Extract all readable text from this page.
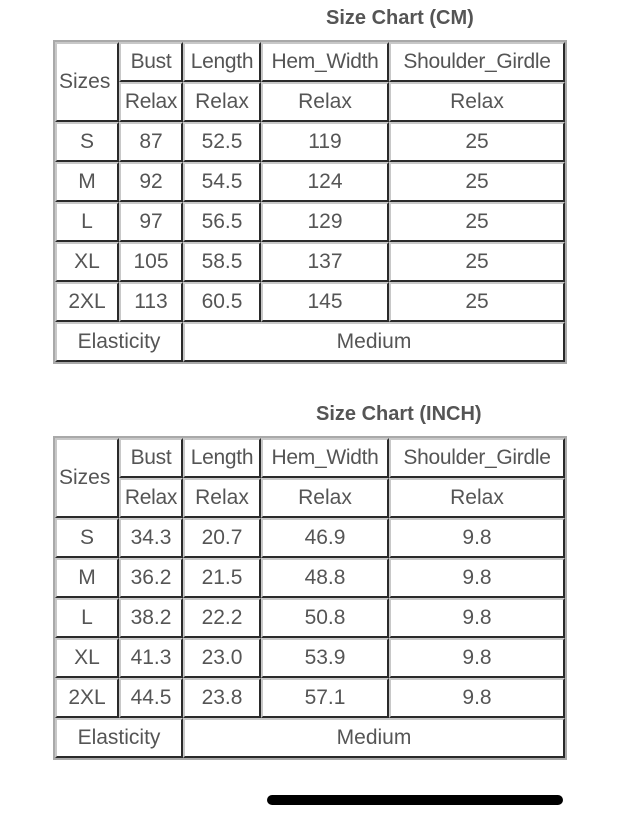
Size Chart (CM)
Sizes	Bust	Length	Hem_Width	Shoulder_Girdle
	Relax	Relax	Relax	Relax
S	87	52.5	119	25
M	92	54.5	124	25
L	97	56.5	129	25
XL	105	58.5	137	25
2XL	113	60.5	145	25
Elasticity		Medium		
Size Chart (INCH)
Sizes	Bust	Length	Hem_Width	Shoulder_Girdle
	Relax	Relax	Relax	Relax
S	34.3	20.7	46.9	9.8
M	36.2	21.5	48.8	9.8
L	38.2	22.2	50.8	9.8
XL	41.3	23.0	53.9	9.8
2XL	44.5	23.8	57.1	9.8
Elasticity		Medium		
